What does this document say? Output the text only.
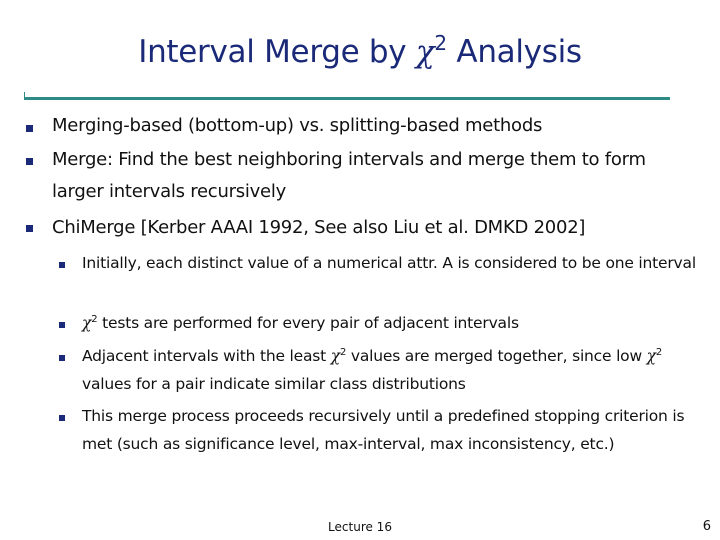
Interval Merge by $\chi^2$ Analysis
Merging-based (bottom-up) vs. splitting-based methods
Merge: Find the best neighboring intervals and merge them to form larger intervals recursively
ChiMerge [Kerber AAAI 1992, See also Liu et al. DMKD 2002]
Initially, each distinct value of a numerical attr. A is considered to be one interval
$\chi^2$ tests are performed for every pair of adjacent intervals
Adjacent intervals with the least $\chi^2$ values are merged together, since low $\chi^2$ values for a pair indicate similar class distributions
This merge process proceeds recursively until a predefined stopping criterion is met (such as significance level, max-interval, max inconsistency, etc.)
Lecture 16	6
